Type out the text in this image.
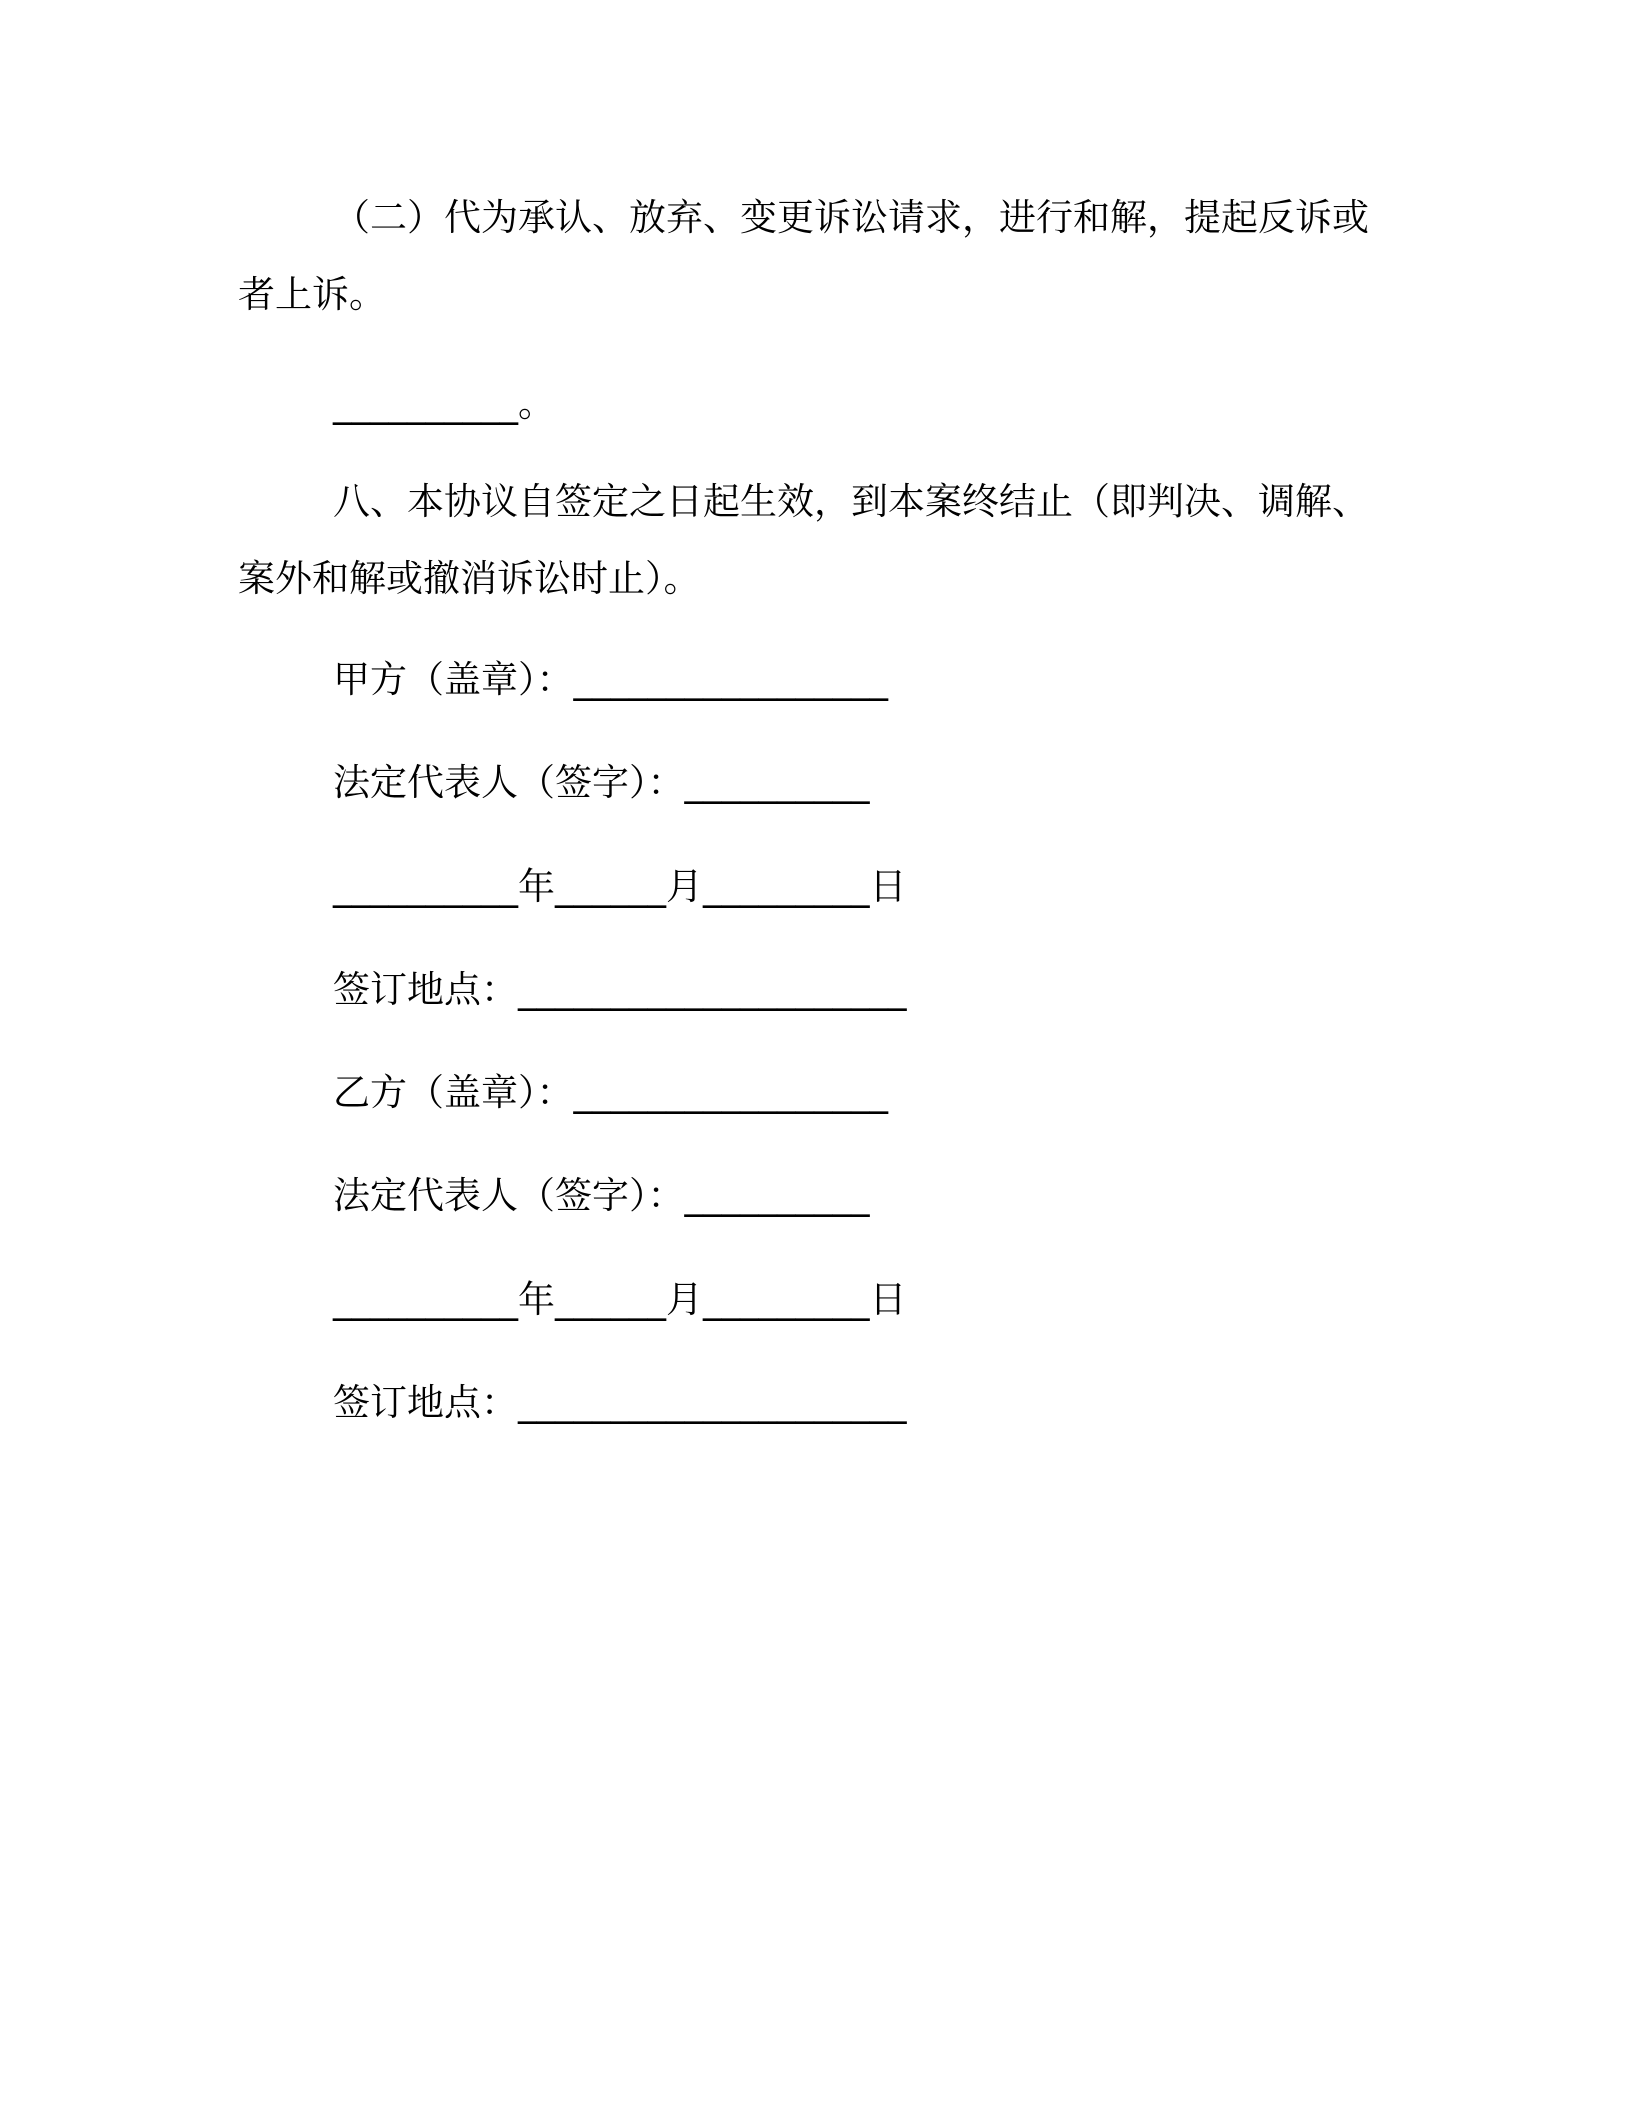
（二）代为承认、放弃、变更诉讼请求，进行和解，提起反诉或
者上诉。
__________。
八、本协议自签定之日起生效，到本案终结止（即判决、调解、
案外和解或撤消诉讼时止）。
甲方（盖章）：_________________
法定代表人（签字）：__________
__________年______月_________日
签订地点：_____________________
乙方（盖章）：_________________
法定代表人（签字）：__________
__________年______月_________日
签订地点：_____________________
